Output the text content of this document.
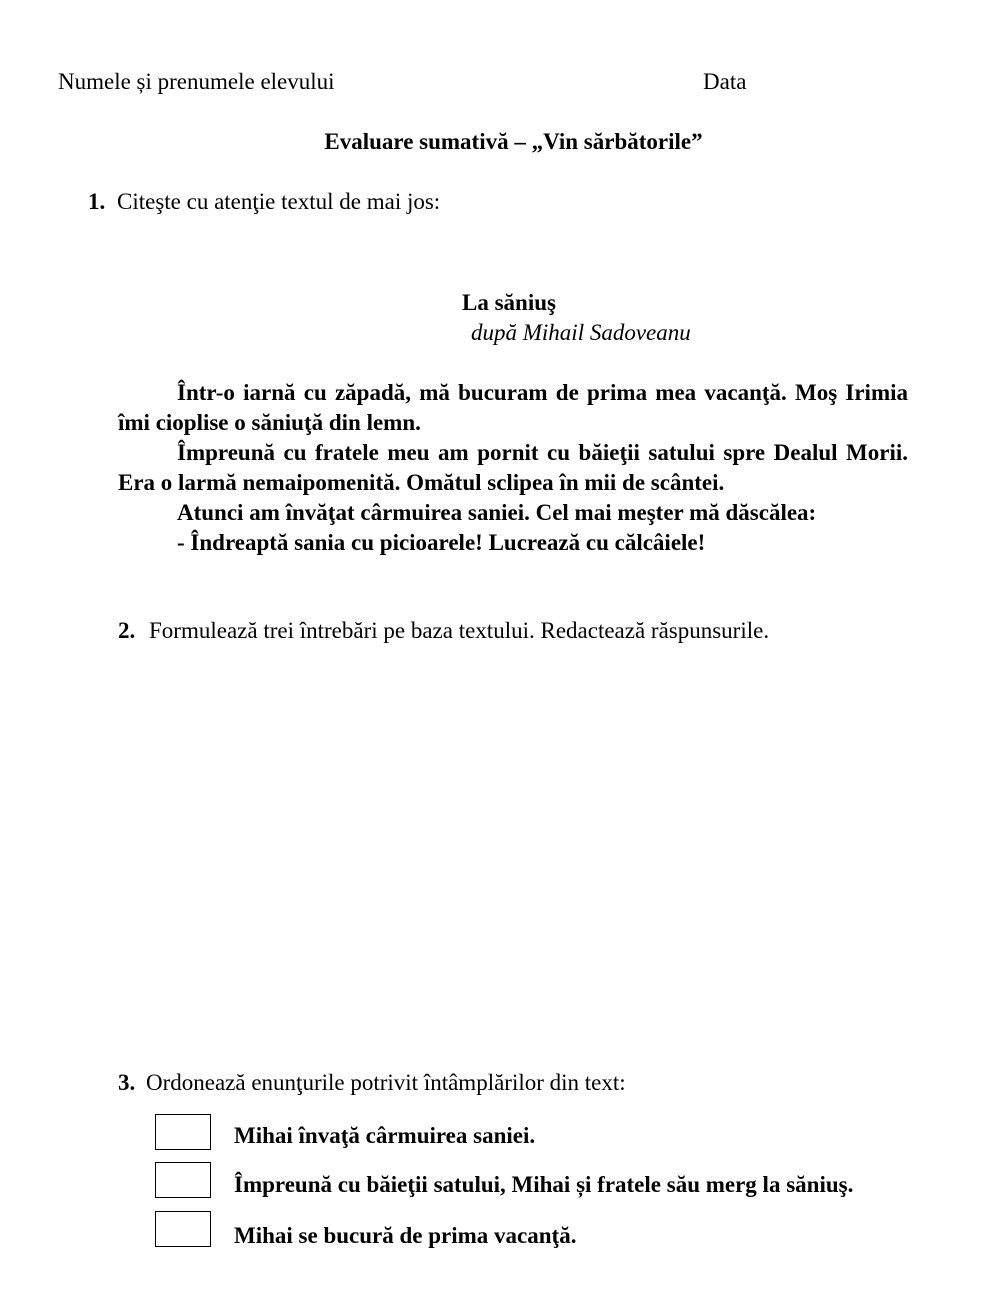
Numele și prenumele elevului	Data
Evaluare sumativă – „Vin sărbătorile”
1. Citeşte cu atenţie textul de mai jos:
La săniuş
după Mihail Sadoveanu
Într-o iarnă cu zăpadă, mă bucuram de prima mea vacanţă. Moş Irimia îmi cioplise o săniuţă din lemn.
Împreună cu fratele meu am pornit cu băieţii satului spre Dealul Morii. Era o larmă nemaipomenită. Omătul sclipea în mii de scântei.
Atunci am învăţat cârmuirea saniei. Cel mai meşter mă dăscălea:
- Îndreaptă sania cu picioarele! Lucrează cu călcâiele!
2. Formulează trei întrebări pe baza textului. Redactează răspunsurile.
3. Ordonează enunţurile potrivit întâmplărilor din text:
Mihai învaţă cârmuirea saniei.
Împreună cu băieţii satului, Mihai și fratele său merg la săniuş.
Mihai se bucură de prima vacanţă.
